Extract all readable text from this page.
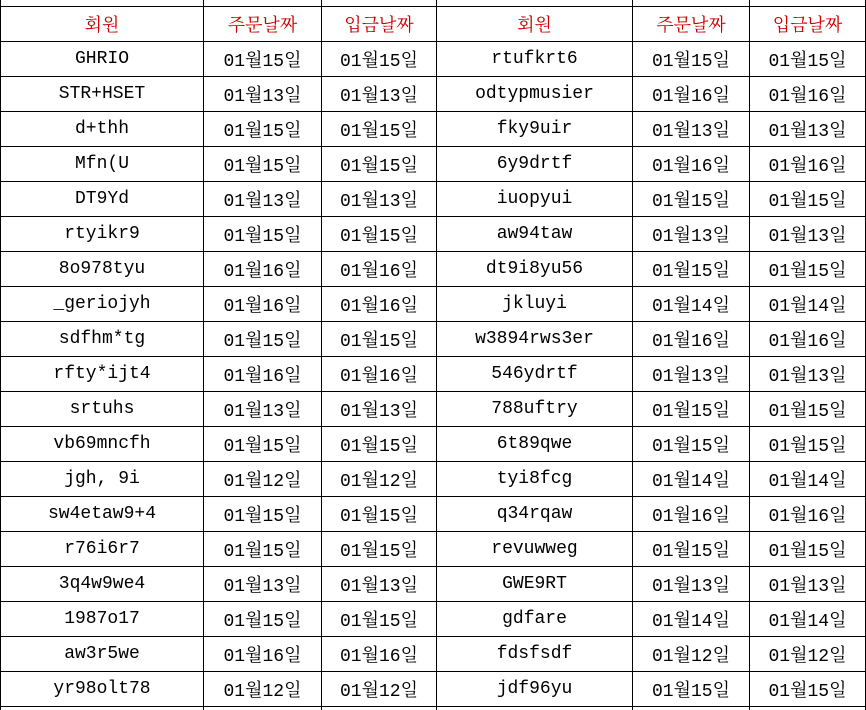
회원	주문날짜	입금날짜	회원	주문날짜	입금날짜
GHRIO	01월15일	01월15일	rtufkrt6	01월15일	01월15일
STR+HSET	01월13일	01월13일	odtypmusier	01월16일	01월16일
d+thh	01월15일	01월15일	fky9uir	01월13일	01월13일
Mfn(U	01월15일	01월15일	6y9drtf	01월16일	01월16일
DT9Yd	01월13일	01월13일	iuopyui	01월15일	01월15일
rtyikr9	01월15일	01월15일	aw94taw	01월13일	01월13일
8o978tyu	01월16일	01월16일	dt9i8yu56	01월15일	01월15일
_geriojyh	01월16일	01월16일	jkluyi	01월14일	01월14일
sdfhm*tg	01월15일	01월15일	w3894rws3er	01월16일	01월16일
rfty*ijt4	01월16일	01월16일	546ydrtf	01월13일	01월13일
srtuhs	01월13일	01월13일	788uftry	01월15일	01월15일
vb69mncfh	01월15일	01월15일	6t89qwe	01월15일	01월15일
jgh, 9i	01월12일	01월12일	tyi8fcg	01월14일	01월14일
sw4etaw9+4	01월15일	01월15일	q34rqaw	01월16일	01월16일
r76i6r7	01월15일	01월15일	revuwweg	01월15일	01월15일
3q4w9we4	01월13일	01월13일	GWE9RT	01월13일	01월13일
1987o17	01월15일	01월15일	gdfare	01월14일	01월14일
aw3r5we	01월16일	01월16일	fdsfsdf	01월12일	01월12일
yr98olt78	01월12일	01월12일	jdf96yu	01월15일	01월15일
